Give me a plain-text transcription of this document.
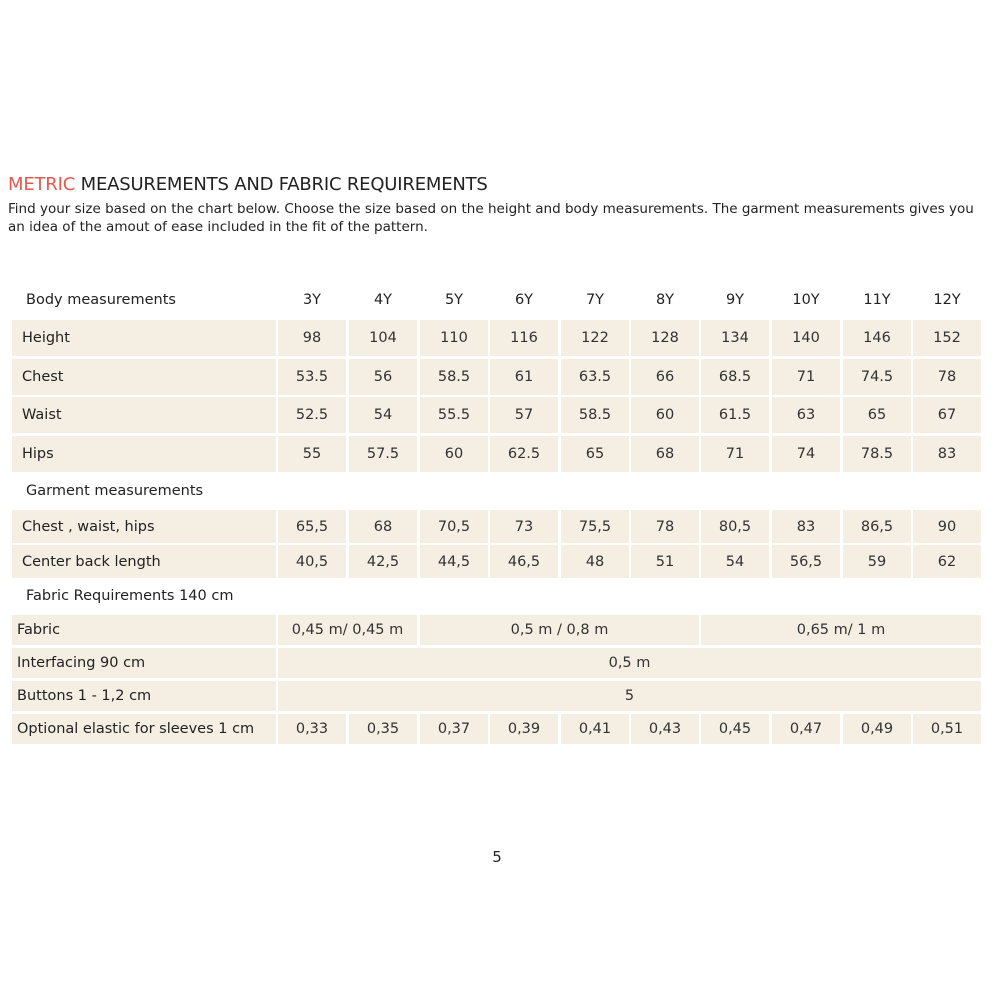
METRIC MEASUREMENTS AND FABRIC REQUIREMENTS

Find your size based on the chart below. Choose the size based on the height and body measurements. The garment measurements gives you an idea of the amout of ease included in the fit of the pattern.

Body measurements	3Y	4Y	5Y	6Y	7Y	8Y	9Y	10Y	11Y	12Y
Height	98	104	110	116	122	128	134	140	146	152
Chest	53.5	56	58.5	61	63.5	66	68.5	71	74.5	78
Waist	52.5	54	55.5	57	58.5	60	61.5	63	65	67
Hips	55	57.5	60	62.5	65	68	71	74	78.5	83
Garment measurements
Chest , waist, hips	65,5	68	70,5	73	75,5	78	80,5	83	86,5	90
Center back length	40,5	42,5	44,5	46,5	48	51	54	56,5	59	62
Fabric Requirements 140 cm
Fabric	0,45 m/ 0,45 m	0,5 m / 0,8 m	0,65 m/ 1 m
Interfacing 90 cm	0,5 m
Buttons 1 - 1,2 cm	5
Optional elastic for sleeves 1 cm	0,33	0,35	0,37	0,39	0,41	0,43	0,45	0,47	0,49	0,51
5
